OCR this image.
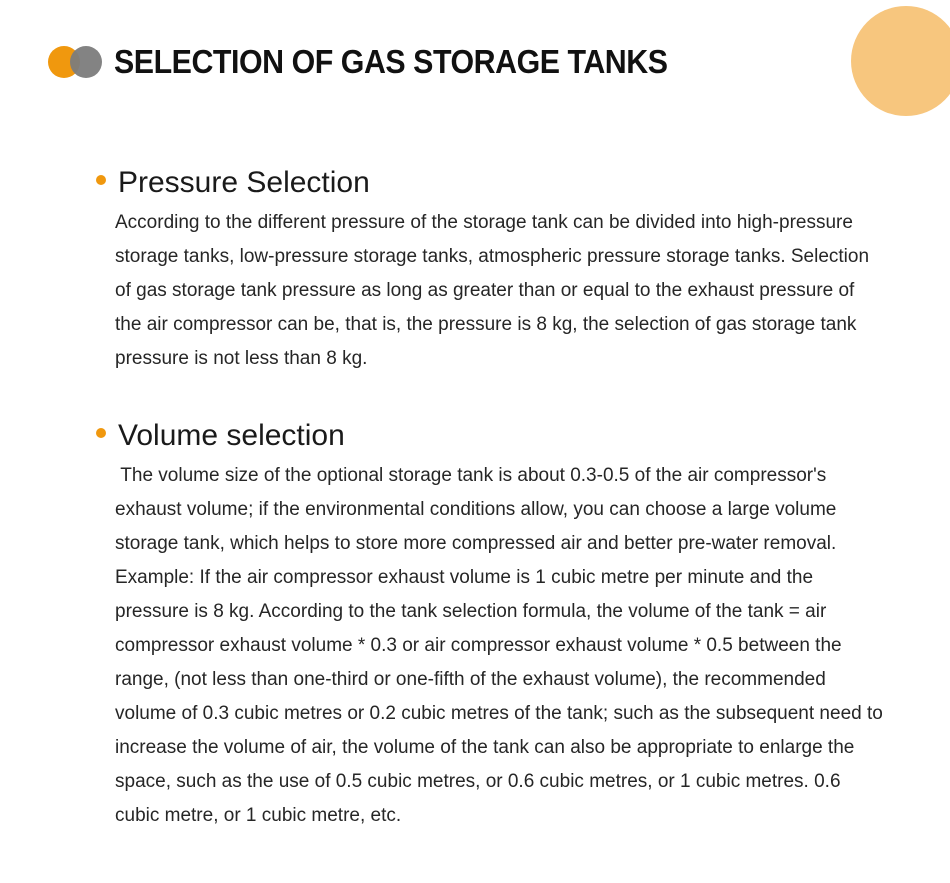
SELECTION OF GAS STORAGE TANKS
Pressure Selection

According to the different pressure of the storage tank can be divided into high-pressure storage tanks, low-pressure storage tanks, atmospheric pressure storage tanks. Selection of gas storage tank pressure as long as greater than or equal to the exhaust pressure of the air compressor can be, that is, the pressure is 8 kg, the selection of gas storage tank pressure is not less than 8 kg.

Volume selection

The volume size of the optional storage tank is about 0.3-0.5 of the air compressor's exhaust volume; if the environmental conditions allow, you can choose a large volume storage tank, which helps to store more compressed air and better pre-water removal.

Example: If the air compressor exhaust volume is 1 cubic metre per minute and the pressure is 8 kg. According to the tank selection formula, the volume of the tank = air compressor exhaust volume * 0.3 or air compressor exhaust volume * 0.5 between the range, (not less than one-third or one-fifth of the exhaust volume), the recommended volume of 0.3 cubic metres or 0.2 cubic metres of the tank; such as the subsequent need to increase the volume of air, the volume of the tank can also be appropriate to enlarge the space, such as the use of 0.5 cubic metres, or 0.6 cubic metres, or 1 cubic metres. 0.6 cubic metre, or 1 cubic metre, etc.
